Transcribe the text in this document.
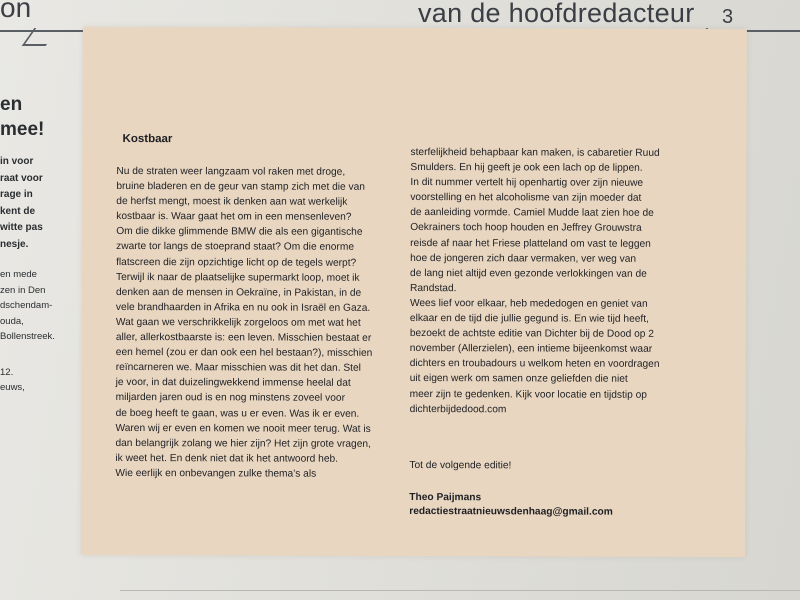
on	van de hoofdredacteur 3
en
mee!
in voor
raat voor
rage in
kent de
witte pas
nesje.
en mede
zen in Den
dschendam-
ouda,
Bollenstreek.
12.
euws,
Kostbaar
Nu de straten weer langzaam vol raken met droge,
bruine bladeren en de geur van stamp zich met die van
de herfst mengt, moest ik denken aan wat werkelijk
kostbaar is. Waar gaat het om in een mensenleven?
Om die dikke glimmende BMW die als een gigantische
zwarte tor langs de stoeprand staat? Om die enorme
flatscreen die zijn opzichtige licht op de tegels werpt?
Terwijl ik naar de plaatselijke supermarkt loop, moet ik
denken aan de mensen in Oekraïne, in Pakistan, in de
vele brandhaarden in Afrika en nu ook in Israël en Gaza.
Wat gaan we verschrikkelijk zorgeloos om met wat het
aller, allerkostbaarste is: een leven. Misschien bestaat er
een hemel (zou er dan ook een hel bestaan?), misschien
reïncarneren we. Maar misschien was dit het dan. Stel
je voor, in dat duizelingwekkend immense heelal dat
miljarden jaren oud is en nog minstens zoveel voor
de boeg heeft te gaan, was u er even. Was ik er even.
Waren wij er even en komen we nooit meer terug. Wat is
dan belangrijk zolang we hier zijn? Het zijn grote vragen,
ik weet het. En denk niet dat ik het antwoord heb.
Wie eerlijk en onbevangen zulke thema’s als
sterfelijkheid behapbaar kan maken, is cabaretier Ruud
Smulders. En hij geeft je ook een lach op de lippen.
In dit nummer vertelt hij openhartig over zijn nieuwe
voorstelling en het alcoholisme van zijn moeder dat
de aanleiding vormde. Camiel Mudde laat zien hoe de
Oekrainers toch hoop houden en Jeffrey Grouwstra
reisde af naar het Friese platteland om vast te leggen
hoe de jongeren zich daar vermaken, ver weg van
de lang niet altijd even gezonde verlokkingen van de
Randstad.
Wees lief voor elkaar, heb mededogen en geniet van
elkaar en de tijd die jullie gegund is. En wie tijd heeft,
bezoekt de achtste editie van Dichter bij de Dood op 2
november (Allerzielen), een intieme bijeenkomst waar
dichters en troubadours u welkom heten en voordragen
uit eigen werk om samen onze geliefden die niet
meer zijn te gedenken. Kijk voor locatie en tijdstip op
dichterbijdedood.com
Tot de volgende editie!
Theo Paijmans
redactiestraatnieuwsdenhaag@gmail.com
